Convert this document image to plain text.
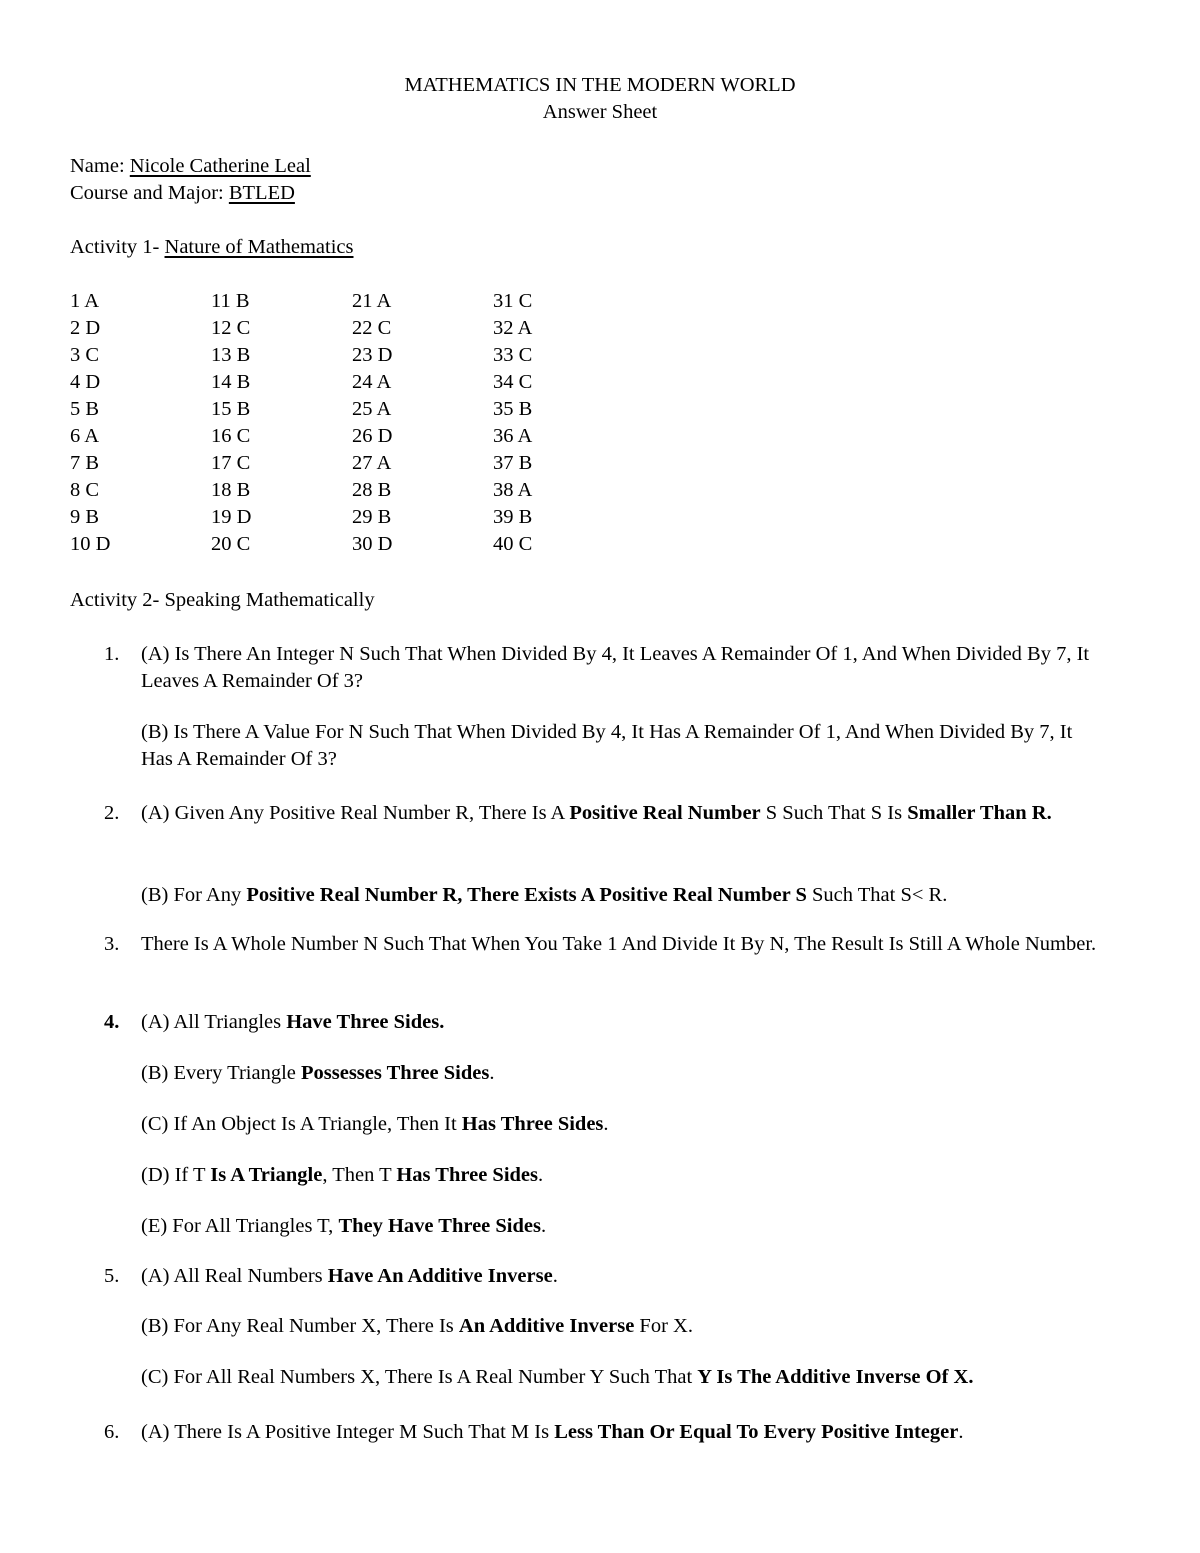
MATHEMATICS IN THE MODERN WORLD
Answer Sheet
Name: Nicole Catherine Leal
Course and Major: BTLED
Activity 1- Nature of Mathematics
1 A	11 B	21 A	31 C
2 D	12 C	22 C	32 A
3 C	13 B	23 D	33 C
4 D	14 B	24 A	34 C
5 B	15 B	25 A	35 B
6 A	16 C	26 D	36 A
7 B	17 C	27 A	37 B
8 C	18 B	28 B	38 A
9 B	19 D	29 B	39 B
10 D	20 C	30 D	40 C
Activity 2- Speaking Mathematically
1. (A) Is There An Integer N Such That When Divided By 4, It Leaves A Remainder Of 1, And When Divided By 7, It Leaves A Remainder Of 3?
(B) Is There A Value For N Such That When Divided By 4, It Has A Remainder Of 1, And When Divided By 7, It Has A Remainder Of 3?
2. (A) Given Any Positive Real Number R, There Is A Positive Real Number S Such That S Is Smaller Than R.
(B) For Any Positive Real Number R, There Exists A Positive Real Number S Such That S< R.
3. There Is A Whole Number N Such That When You Take 1 And Divide It By N, The Result Is Still A Whole Number.
4. (A) All Triangles Have Three Sides.
(B) Every Triangle Possesses Three Sides.
(C) If An Object Is A Triangle, Then It Has Three Sides.
(D) If T Is A Triangle, Then T Has Three Sides.
(E) For All Triangles T, They Have Three Sides.
5. (A) All Real Numbers Have An Additive Inverse.
(B) For Any Real Number X, There Is An Additive Inverse For X.
(C) For All Real Numbers X, There Is A Real Number Y Such That Y Is The Additive Inverse Of X.
6. (A) There Is A Positive Integer M Such That M Is Less Than Or Equal To Every Positive Integer.
